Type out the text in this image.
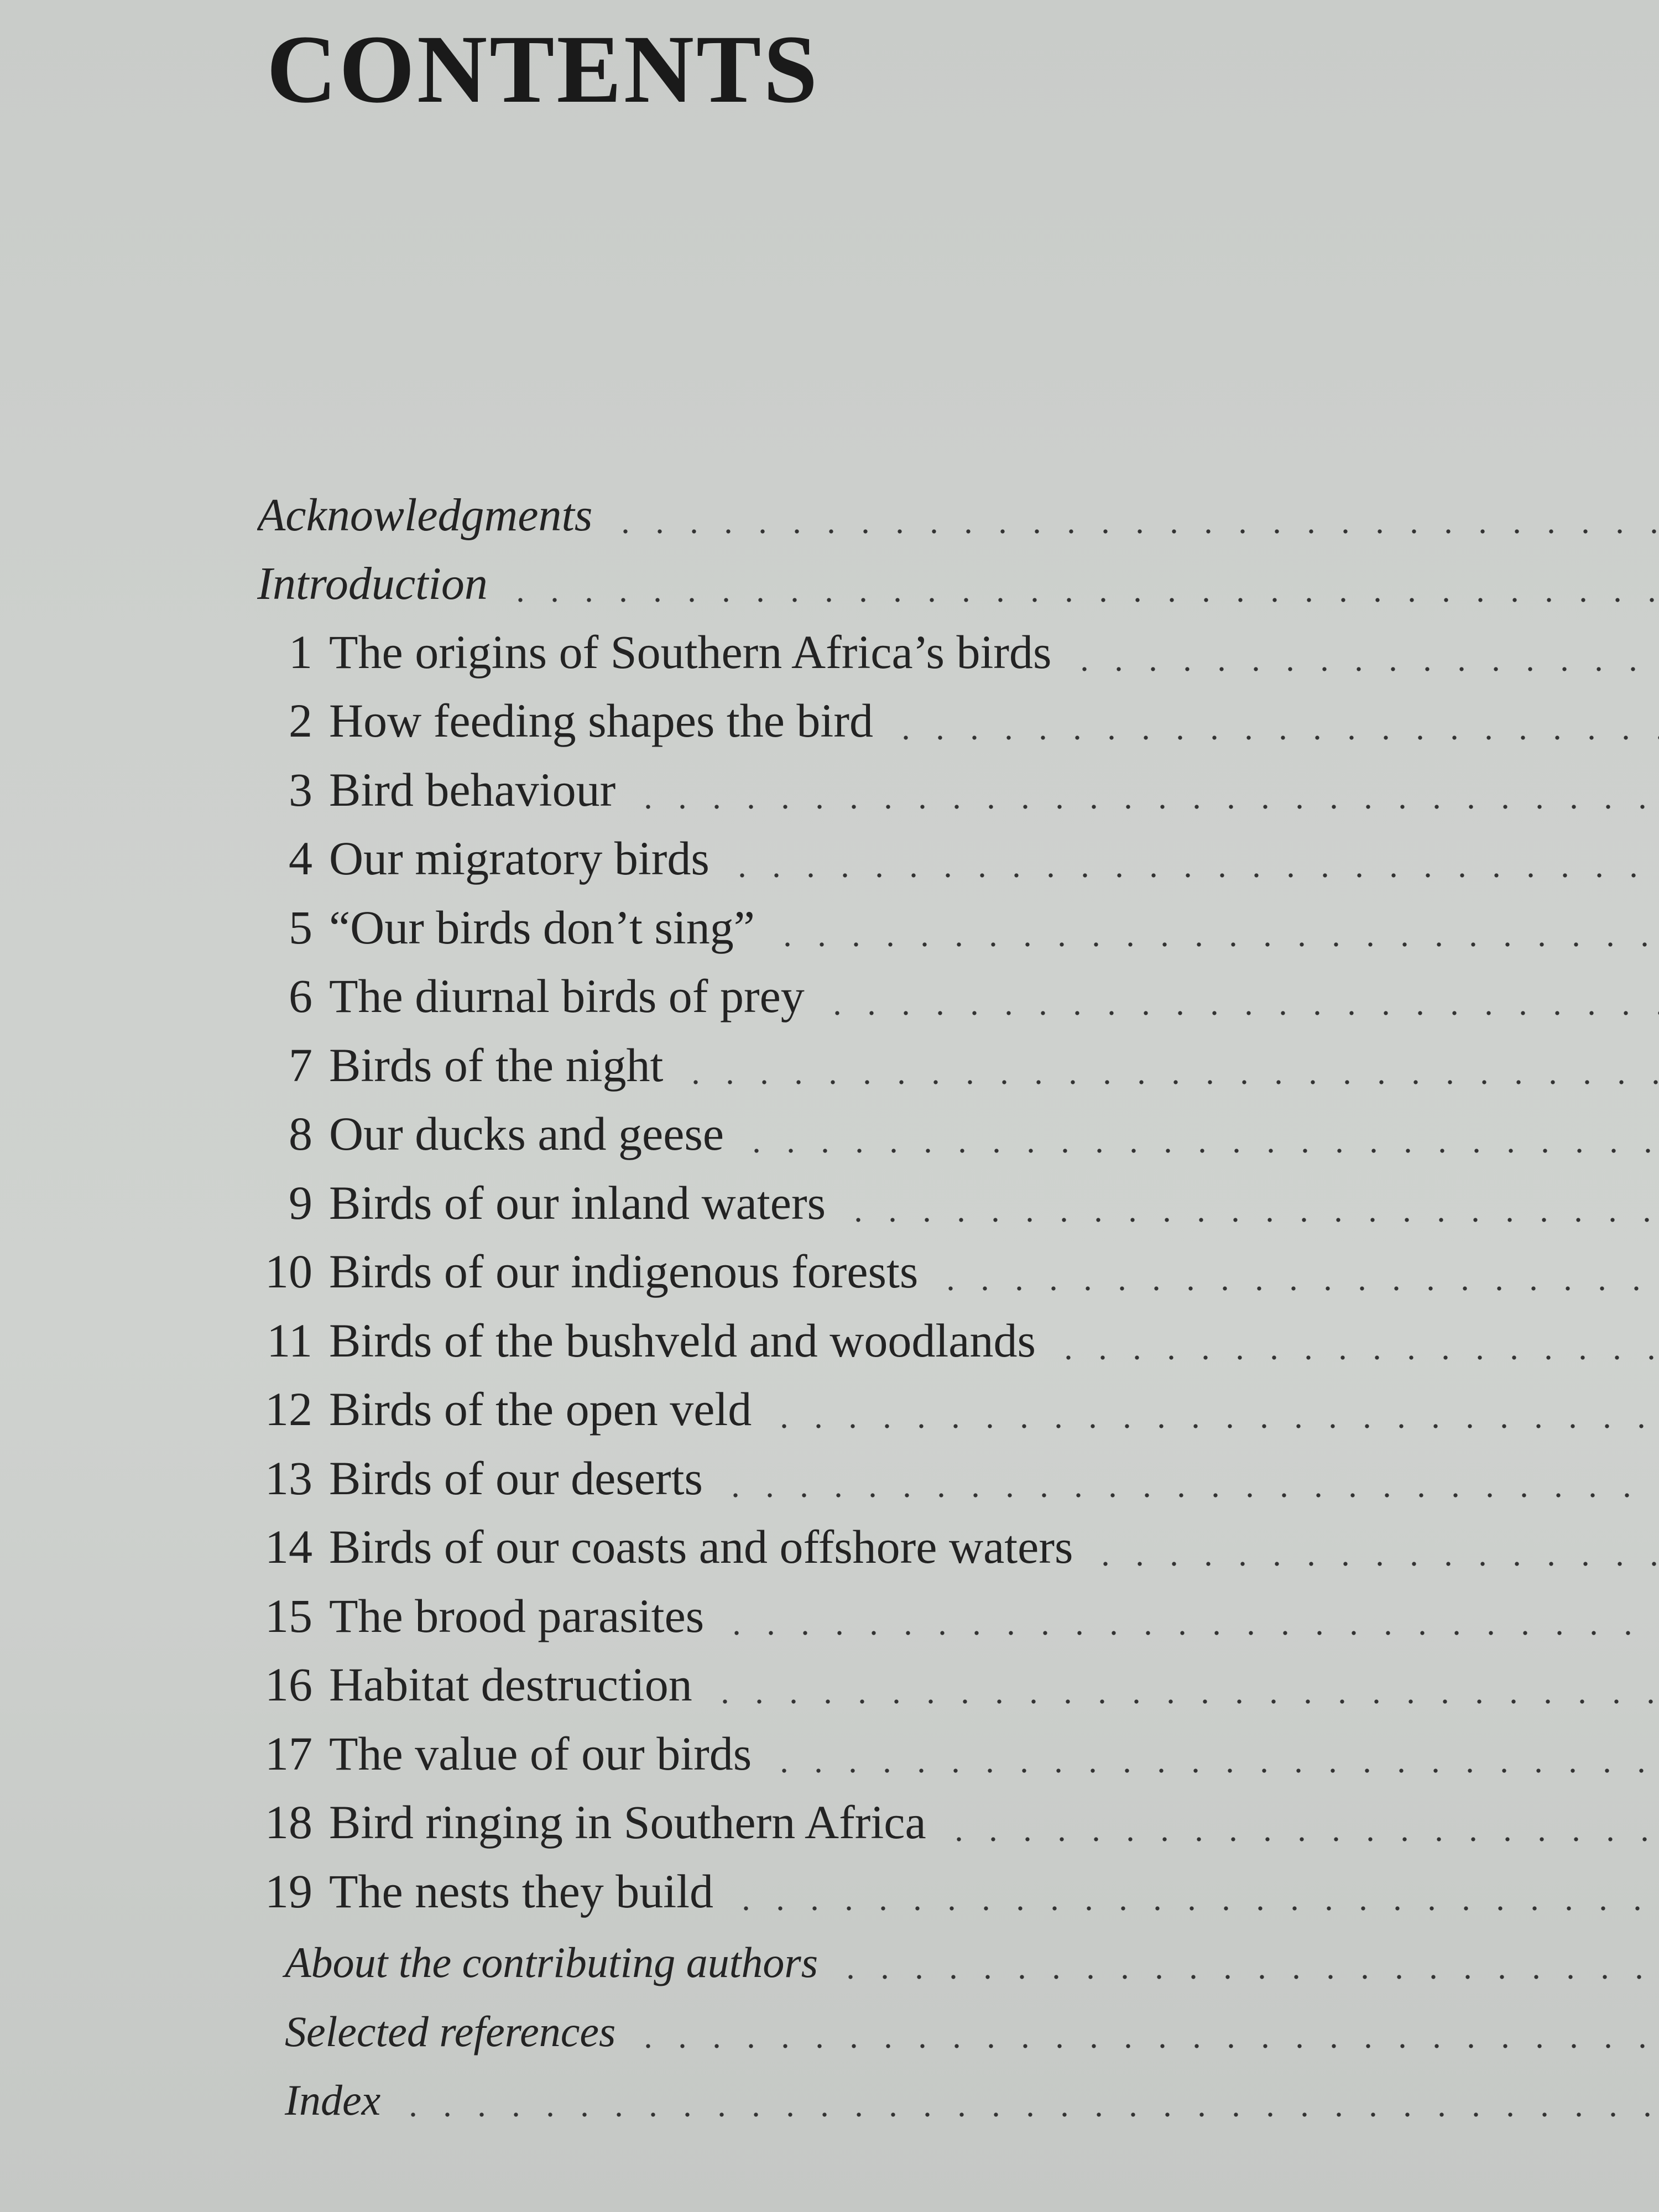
CONTENTS
Acknowledgments
Introduction
1 The origins of Southern Africa’s birds
2 How feeding shapes the bird
3 Bird behaviour
4 Our migratory birds
5 “Our birds don’t sing”
6 The diurnal birds of prey
7 Birds of the night
8 Our ducks and geese
9 Birds of our inland waters
10 Birds of our indigenous forests
11 Birds of the bushveld and woodlands
12 Birds of the open veld
13 Birds of our deserts
14 Birds of our coasts and offshore waters
15 The brood parasites
16 Habitat destruction
17 The value of our birds
18 Bird ringing in Southern Africa
19 The nests they build
About the contributing authors
Selected references
Index
